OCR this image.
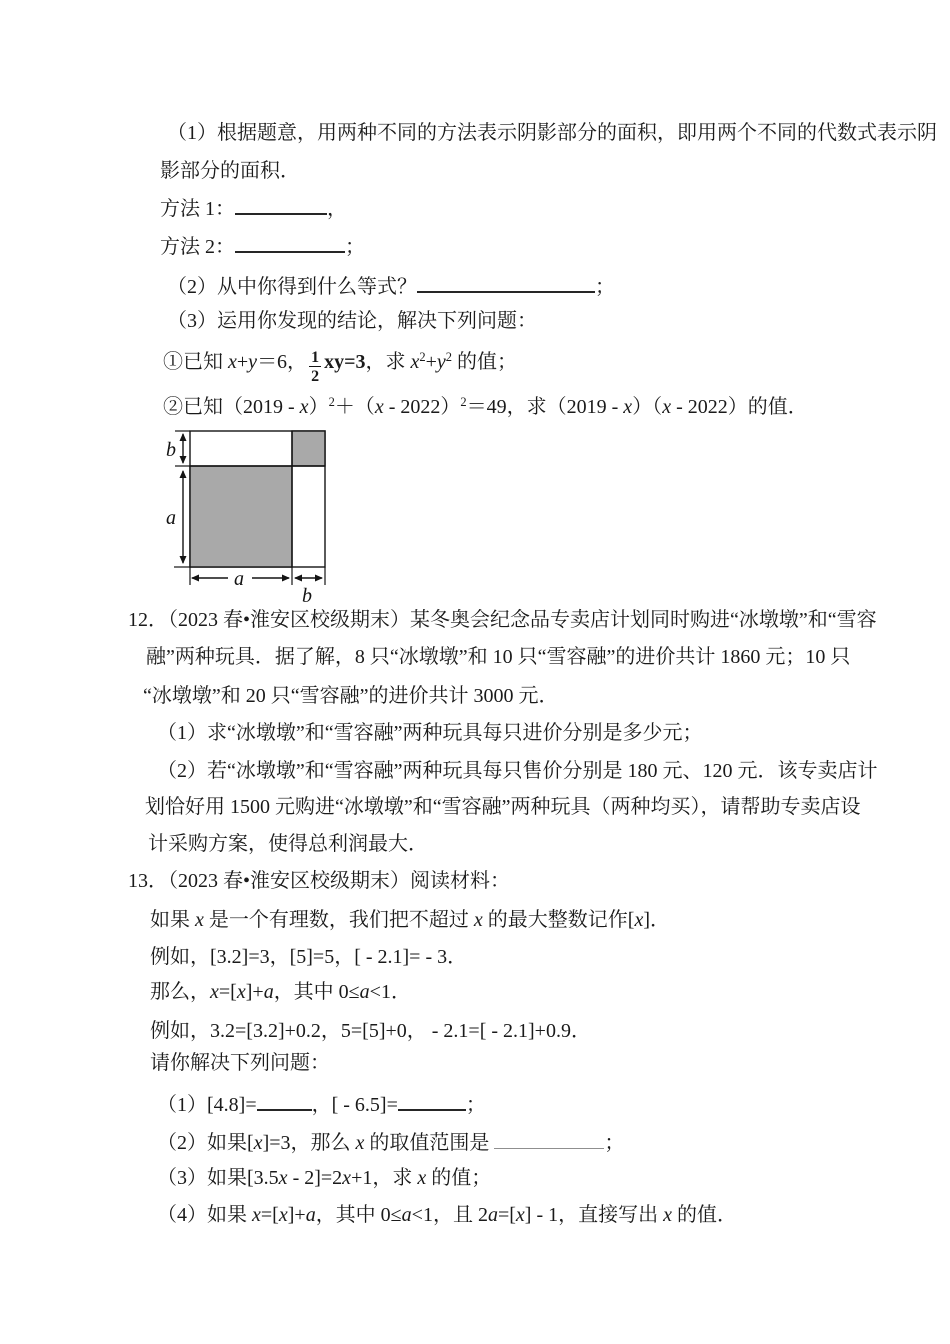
（1）根据题意，用两种不同的方法表示阴影部分的面积，即用两个不同的代数式表示阴
影部分的面积．
方法 1：	，
方法 2：	；
（2）从中你得到什么等式？	；
（3）运用你发现的结论，解决下列问题：
①已知 x+y＝6， $\frac{1}{2} xy=3$，求 $x^2+y^2$ 的值；
②已知（2019 - x）$^2$＋（x - 2022）$^2$＝49，求（2019 - x）（x - 2022）的值．
12．（2023 春•淮安区校级期末）某冬奥会纪念品专卖店计划同时购进“冰墩墩”和“雪容
融”两种玩具．据了解，8 只“冰墩墩”和 10 只“雪容融”的进价共计 1860 元；10 只
“冰墩墩”和 20 只“雪容融”的进价共计 3000 元．
（1）求“冰墩墩”和“雪容融”两种玩具每只进价分别是多少元；
（2）若“冰墩墩”和“雪容融”两种玩具每只售价分别是 180 元、120 元．该专卖店计
划恰好用 1500 元购进“冰墩墩”和“雪容融”两种玩具（两种均买），请帮助专卖店设
计采购方案，使得总利润最大．
13．（2023 春•淮安区校级期末）阅读材料：
如果 x 是一个有理数，我们把不超过 x 的最大整数记作[x]．
例如，[3.2]=3，[5]=5，[ - 2.1]= - 3．
那么，x=[x]+a，其中 0≤a<1．
例如，3.2=[3.2]+0.2，5=[5]+0， - 2.1=[ - 2.1]+0.9．
请你解决下列问题：
（1）[4.8]=	，[ - 6.5]=	；
（2）如果[x]=3，那么 x 的取值范围是	；
（3）如果[3.5x - 2]=2x+1，求 x 的值；
（4）如果 x=[x]+a，其中 0≤a<1，且 2a=[x] - 1，直接写出 x 的值．
b
a
a
b
